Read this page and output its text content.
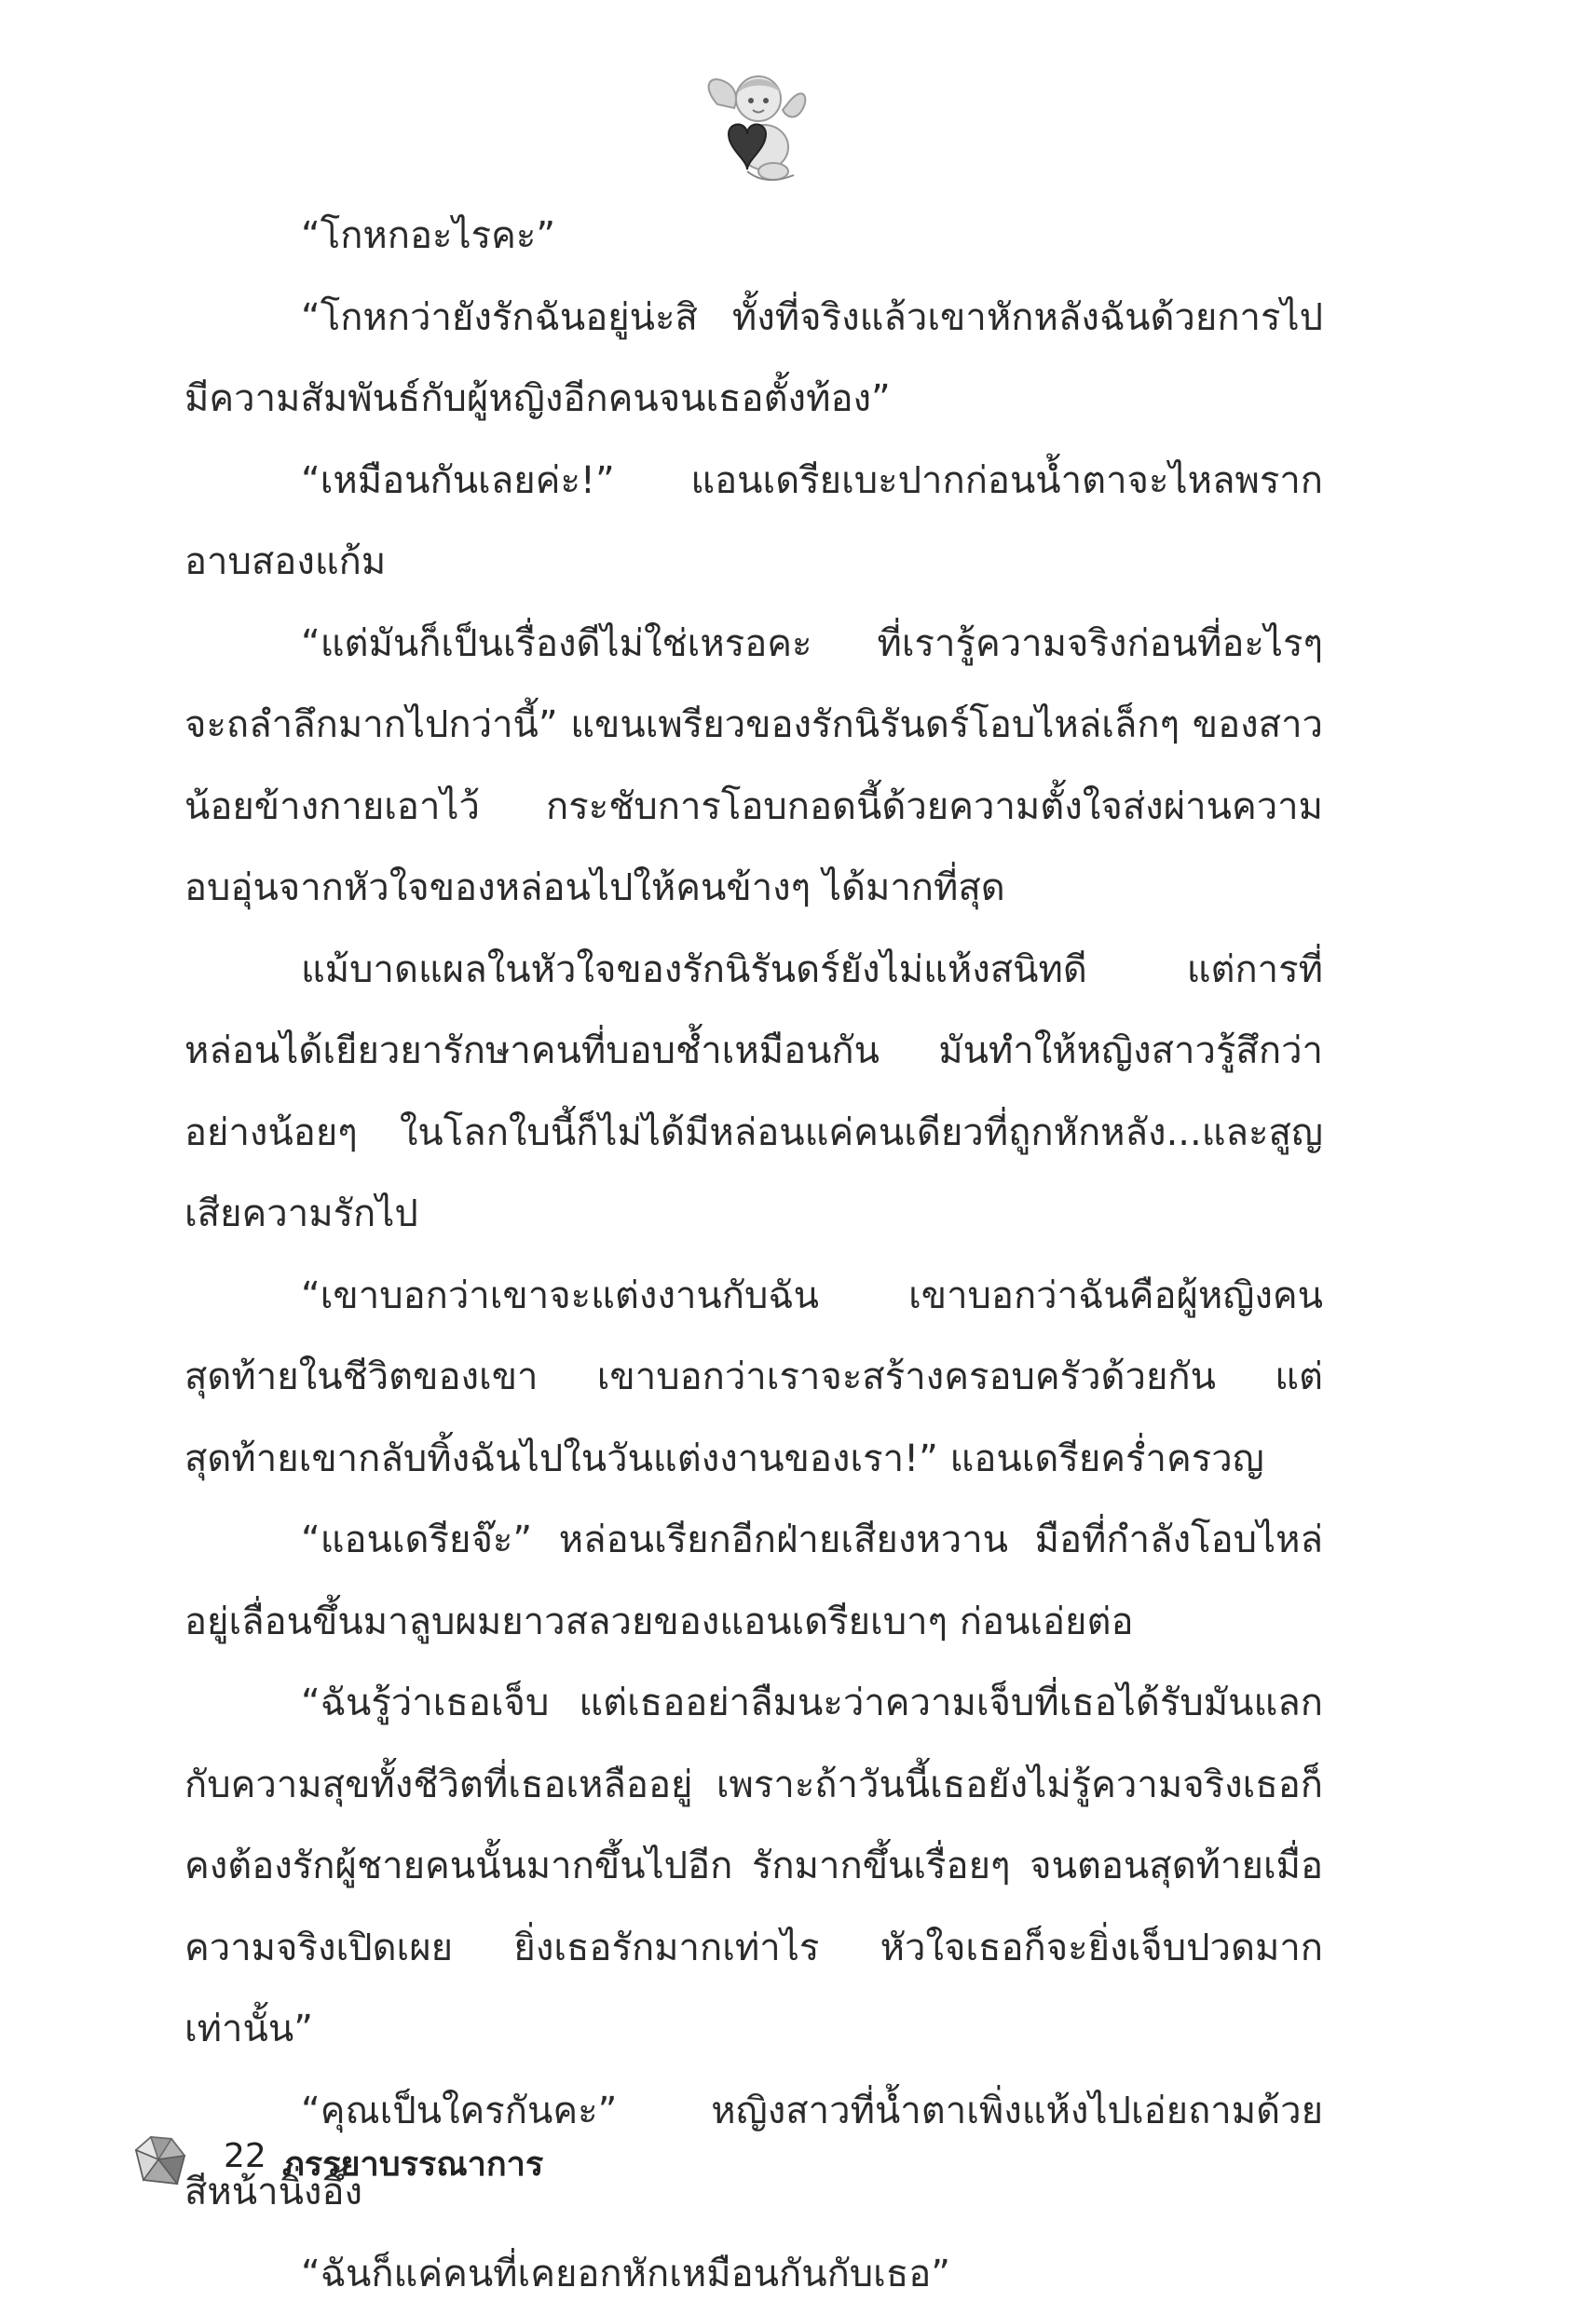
“โกหกอะไรคะ”

“โกหกว่ายังรักฉันอยู่น่ะสิ ทั้งที่จริงแล้วเขาหักหลังฉันด้วยการไปมีความสัมพันธ์กับผู้หญิงอีกคนจนเธอตั้งท้อง”

“เหมือนกันเลยค่ะ!” แอนเดรียเบะปากก่อนน้ำตาจะไหลพรากอาบสองแก้ม

“แต่มันก็เป็นเรื่องดีไม่ใช่เหรอคะ ที่เรารู้ความจริงก่อนที่อะไรๆ จะถลำลึกมากไปกว่านี้” แขนเพรียวของรักนิรันดร์โอบไหล่เล็กๆ ของสาวน้อยข้างกายเอาไว้ กระชับการโอบกอดนี้ด้วยความตั้งใจส่งผ่านความอบอุ่นจากหัวใจของหล่อนไปให้คนข้างๆ ได้มากที่สุด

แม้บาดแผลในหัวใจของรักนิรันดร์ยังไม่แห้งสนิทดี แต่การที่หล่อนได้เยียวยารักษาคนที่บอบช้ำเหมือนกัน มันทำให้หญิงสาวรู้สึกว่าอย่างน้อยๆ ในโลกใบนี้ก็ไม่ได้มีหล่อนแค่คนเดียวที่ถูกหักหลัง...และสูญเสียความรักไป

“เขาบอกว่าเขาจะแต่งงานกับฉัน เขาบอกว่าฉันคือผู้หญิงคนสุดท้ายในชีวิตของเขา เขาบอกว่าเราจะสร้างครอบครัวด้วยกัน แต่สุดท้ายเขากลับทิ้งฉันไปในวันแต่งงานของเรา!” แอนเดรียคร่ำครวญ

“แอนเดรียจ๊ะ” หล่อนเรียกอีกฝ่ายเสียงหวาน มือที่กำลังโอบไหล่อยู่เลื่อนขึ้นมาลูบผมยาวสลวยของแอนเดรียเบาๆ ก่อนเอ่ยต่อ

“ฉันรู้ว่าเธอเจ็บ แต่เธออย่าลืมนะว่าความเจ็บที่เธอได้รับมันแลกกับความสุขทั้งชีวิตที่เธอเหลืออยู่ เพราะถ้าวันนี้เธอยังไม่รู้ความจริงเธอก็คงต้องรักผู้ชายคนนั้นมากขึ้นไปอีก รักมากขึ้นเรื่อยๆ จนตอนสุดท้ายเมื่อความจริงเปิดเผย ยิ่งเธอรักมากเท่าไร หัวใจเธอก็จะยิ่งเจ็บปวดมากเท่านั้น”

“คุณเป็นใครกันคะ” หญิงสาวที่น้ำตาเพิ่งแห้งไปเอ่ยถามด้วยสีหน้านิ่งอึ้ง

“ฉันก็แค่คนที่เคยอกหักเหมือนกันกับเธอ”

22 ภรรยาบรรณาการ
